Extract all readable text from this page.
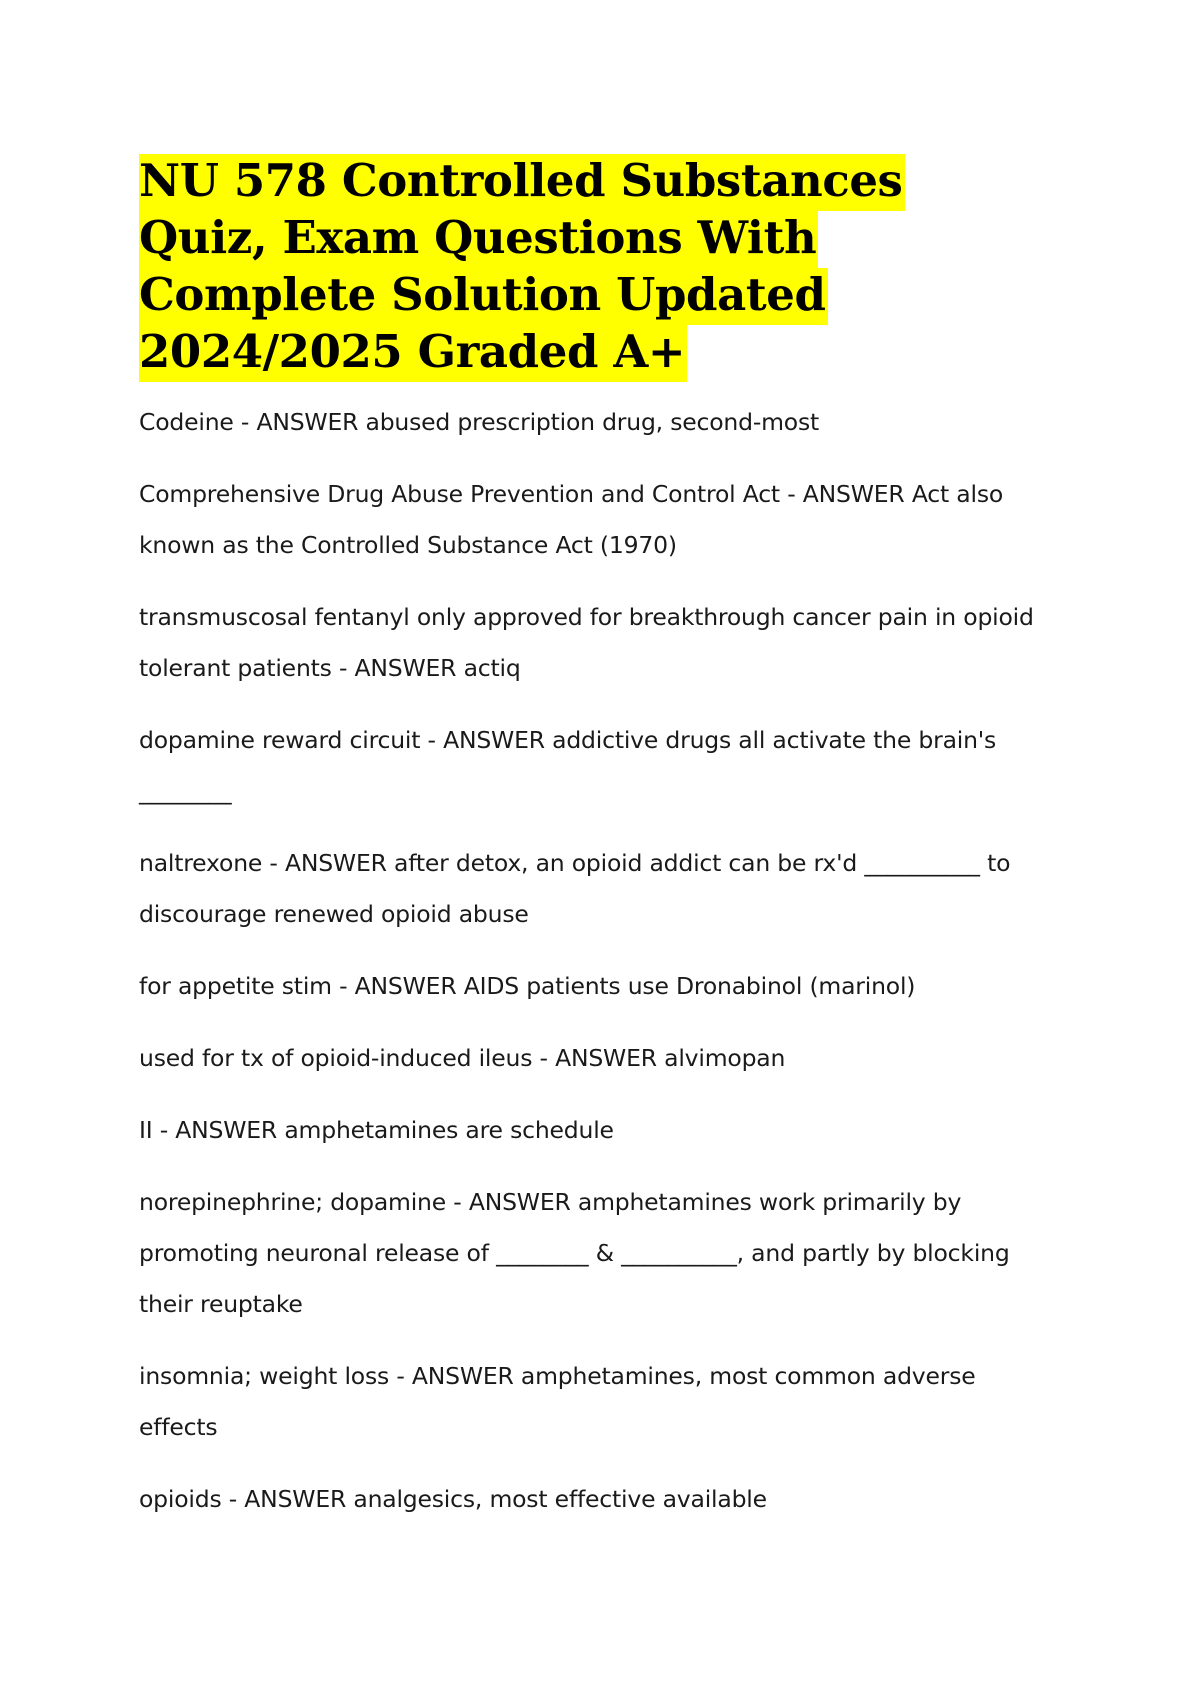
NU 578 Controlled Substances Quiz, Exam Questions With Complete Solution Updated 2024/2025 Graded A+

Codeine - ANSWER abused prescription drug, second-most

Comprehensive Drug Abuse Prevention and Control Act - ANSWER Act also known as the Controlled Substance Act (1970)

transmuscosal fentanyl only approved for breakthrough cancer pain in opioid tolerant patients - ANSWER actiq

dopamine reward circuit - ANSWER addictive drugs all activate the brain's ________

naltrexone - ANSWER after detox, an opioid addict can be rx'd __________ to discourage renewed opioid abuse

for appetite stim - ANSWER AIDS patients use Dronabinol (marinol)

used for tx of opioid-induced ileus - ANSWER alvimopan

II - ANSWER amphetamines are schedule

norepinephrine; dopamine - ANSWER amphetamines work primarily by promoting neuronal release of ________ & __________, and partly by blocking their reuptake

insomnia; weight loss - ANSWER amphetamines, most common adverse effects

opioids - ANSWER analgesics, most effective available
